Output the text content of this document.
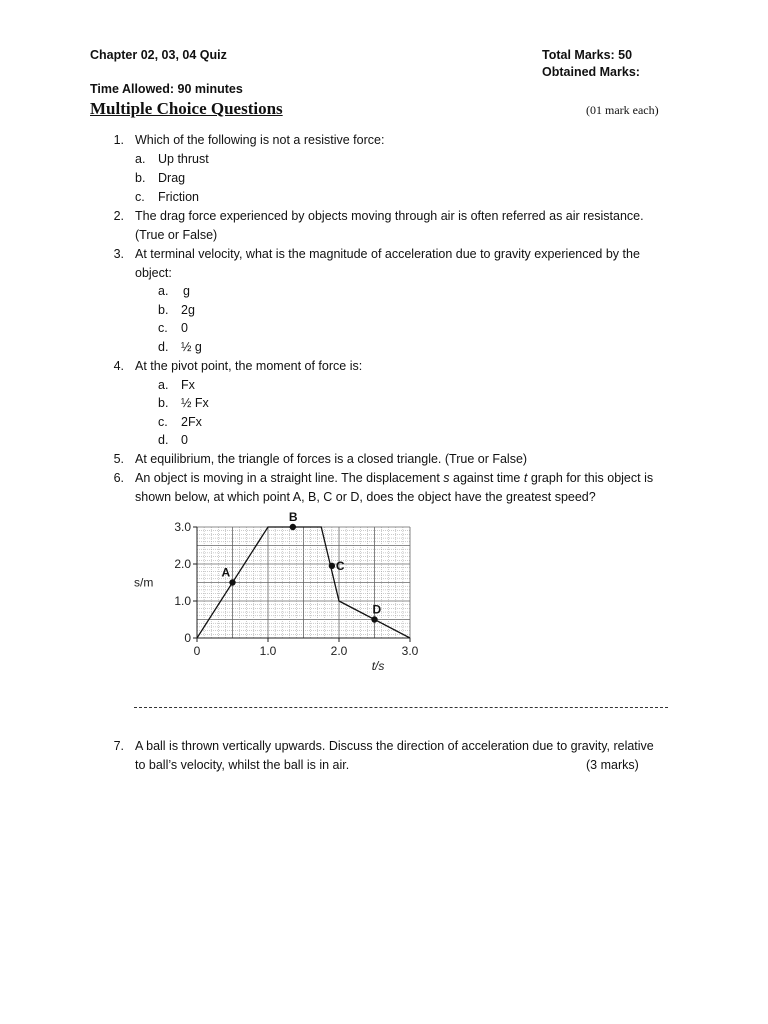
Chapter 02, 03, 04 Quiz	Total Marks: 50
Obtained Marks:
Time Allowed: 90 minutes
Multiple Choice Questions	(01 mark each)
1. Which of the following is not a resistive force:
a. Up thrust
b. Drag
c. Friction
2. The drag force experienced by objects moving through air is often referred as air resistance.
(True or False)
3. At terminal velocity, what is the magnitude of acceleration due to gravity experienced by the
object:
a. g
b. 2g
c. 0
d. ½ g
4. At the pivot point, the moment of force is:
a. Fx
b. ½ Fx
c. 2Fx
d. 0
5. At equilibrium, the triangle of forces is a closed triangle. (True or False)
6. An object is moving in a straight line. The displacement s against time t graph for this object is
shown below, at which point A, B, C or D, does the object have the greatest speed?
0	1.0	2.0	3.0
0
1.0
2.0
3.0
t/s
s/m
A
B
C
D
7. A ball is thrown vertically upwards. Discuss the direction of acceleration due to gravity, relative
to ball’s velocity, whilst the ball is in air.	(3 marks)
